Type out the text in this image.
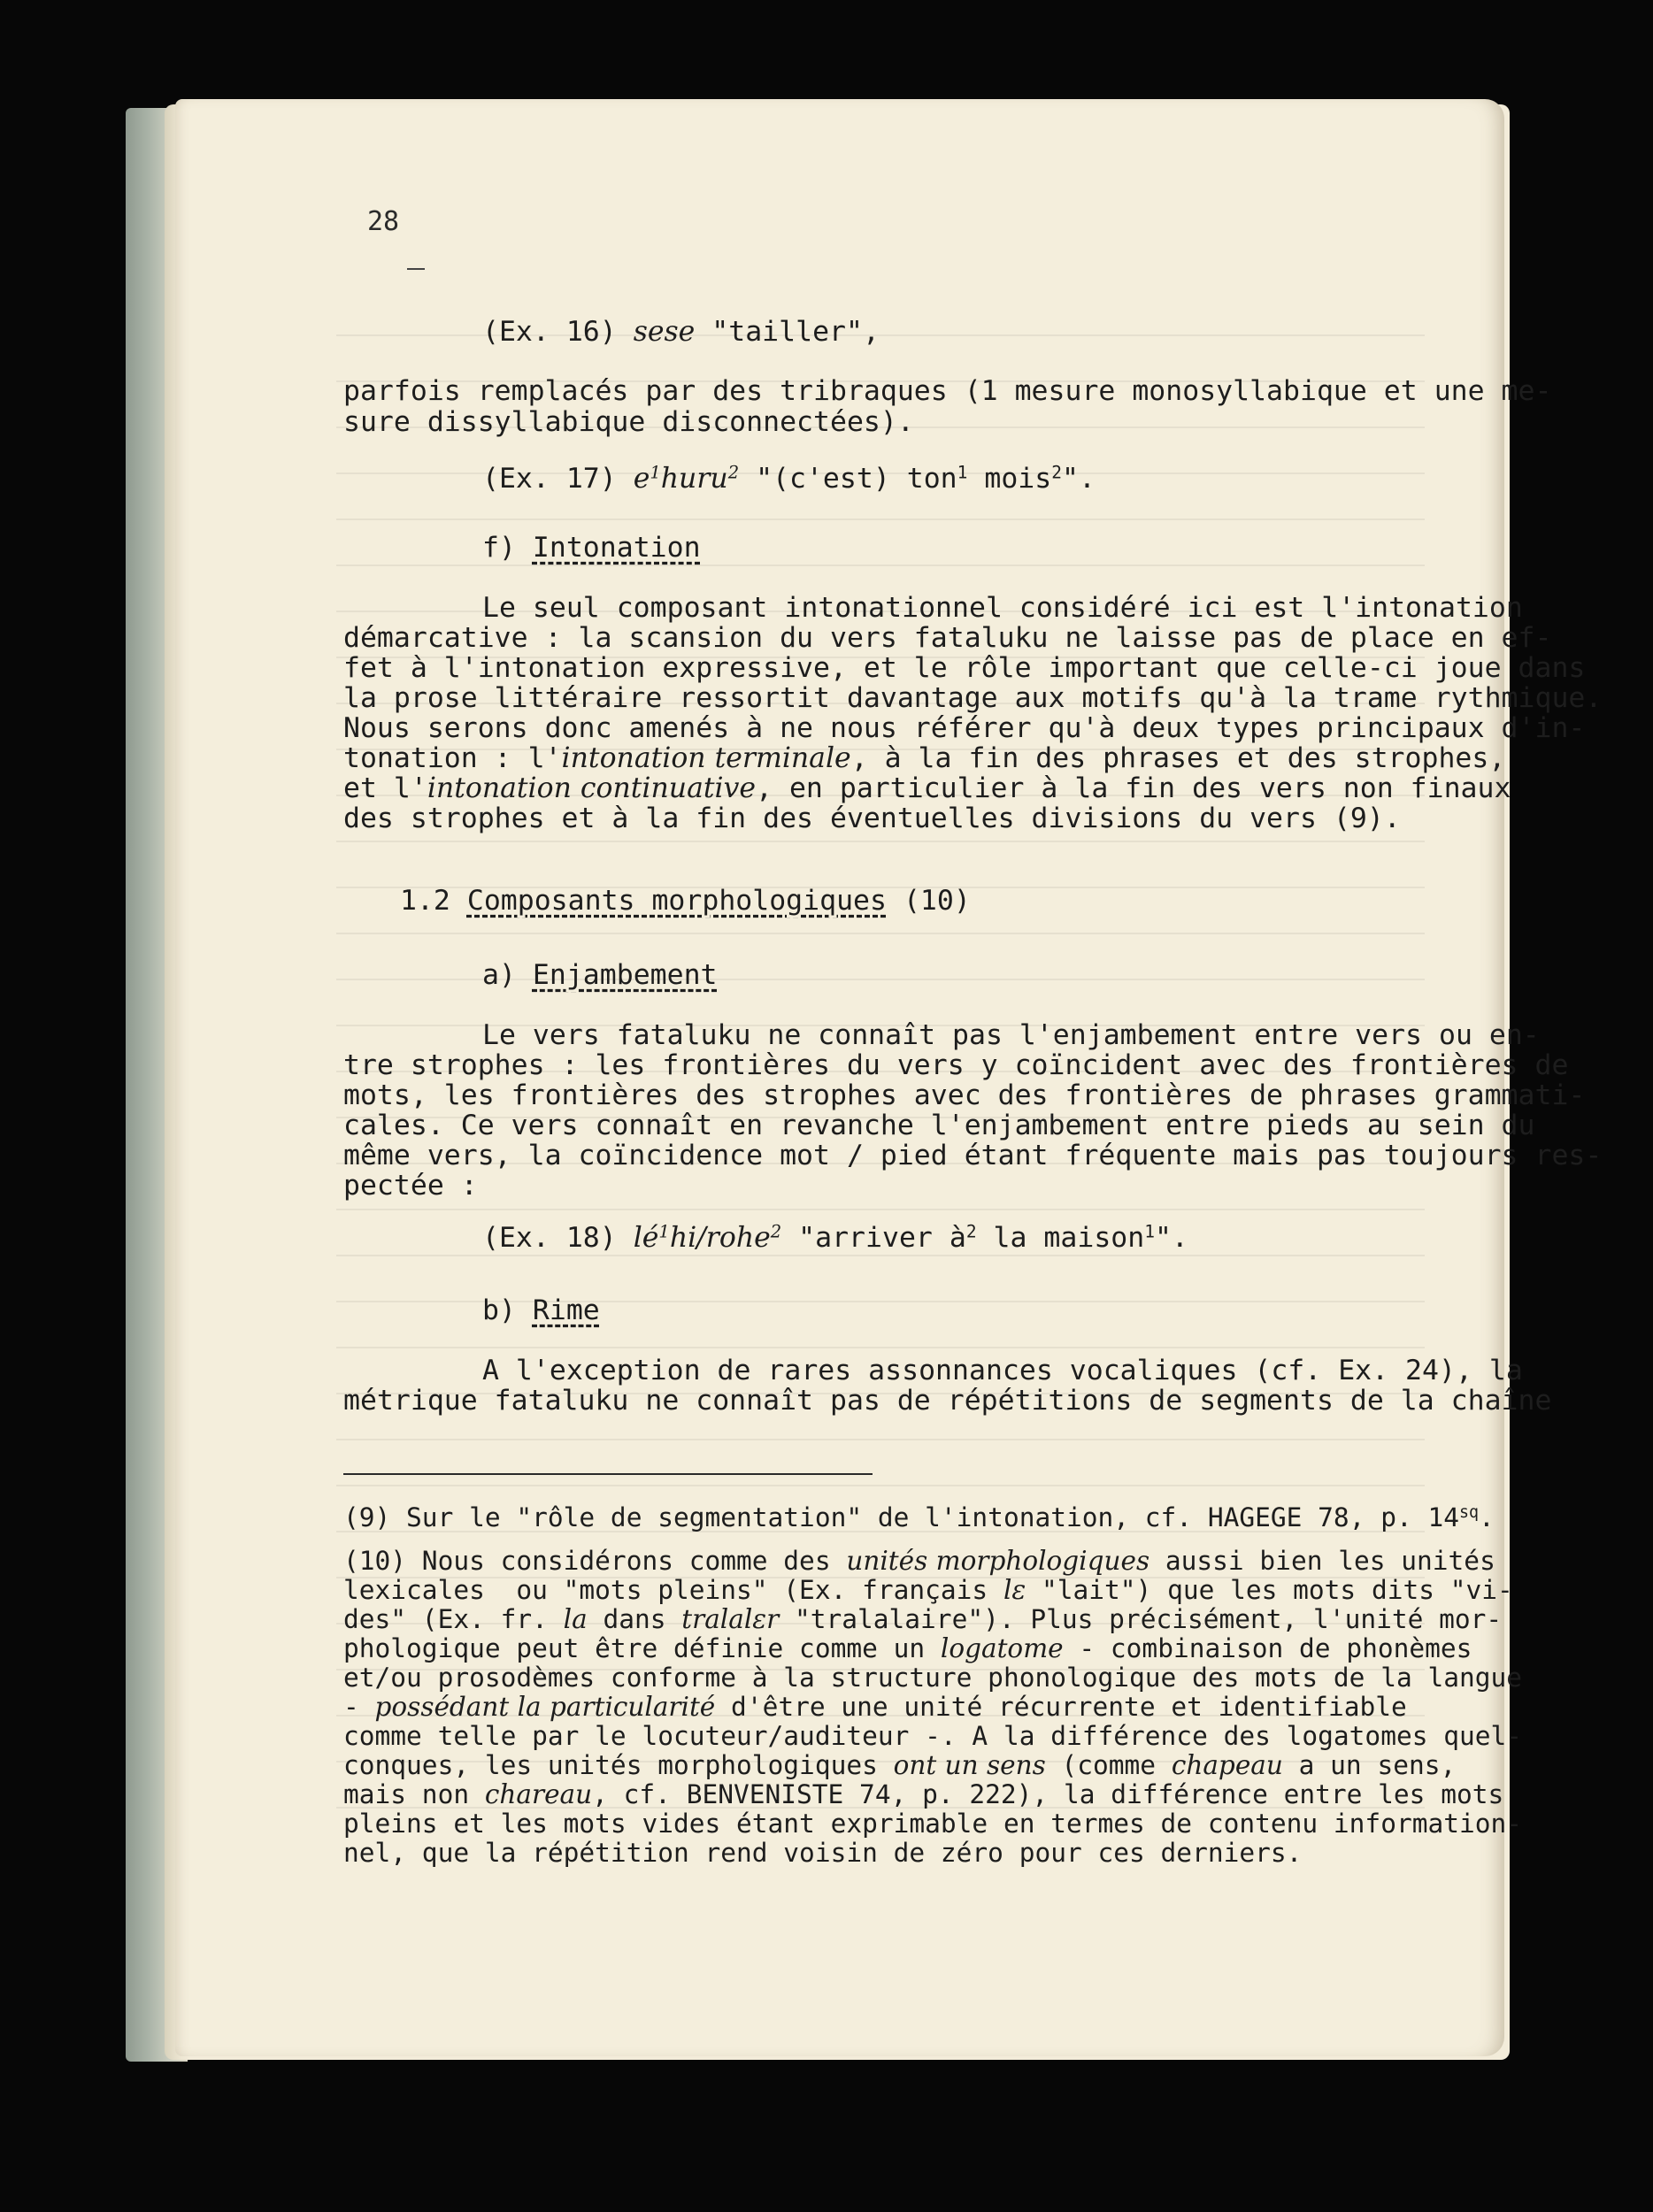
28
(Ex. 16) sese "tailler",
parfois remplacés par des tribraques (1 mesure monosyllabique et une me-
sure dissyllabique disconnectées).
(Ex. 17) $e^1huru^2$ "(c'est) ton$^1$ mois$^2$".
f) Intonation
Le seul composant intonationnel considéré ici est l'intonation
démarcative : la scansion du vers fataluku ne laisse pas de place en ef-
fet à l'intonation expressive, et le rôle important que celle-ci joue dans
la prose littéraire ressortit davantage aux motifs qu'à la trame rythmique.
Nous serons donc amenés à ne nous référer qu'à deux types principaux d'in-
tonation : l'intonation terminale, à la fin des phrases et des strophes,
et l'intonation continuative, en particulier à la fin des vers non finaux
des strophes et à la fin des éventuelles divisions du vers (9).
1.2 Composants morphologiques (10)
a) Enjambement
Le vers fataluku ne connaît pas l'enjambement entre vers ou en-
tre strophes : les frontières du vers y coïncident avec des frontières de
mots, les frontières des strophes avec des frontières de phrases grammati-
cales. Ce vers connaît en revanche l'enjambement entre pieds au sein du
même vers, la coïncidence mot / pied étant fréquente mais pas toujours res-
pectée :
(Ex. 18) $lé^1hi/rohe^2$ "arriver $à^2$ la maison$^1$".
b) Rime
A l'exception de rares assonnances vocaliques (cf. Ex. 24), la
métrique fataluku ne connaît pas de répétitions de segments de la chaîne
(9) Sur le "rôle de segmentation" de l'intonation, cf. HAGEGE 78, p. $14^{sq}$.
(10) Nous considérons comme des unités morphologiques aussi bien les unités
lexicales  ou "mots pleins" (Ex. français lɛ "lait") que les mots dits "vi-
des" (Ex. fr. la dans tralalɛr "tralalaire"). Plus précisément, l'unité mor-
phologique peut être définie comme un logatome - combinaison de phonèmes
et/ou prosodèmes conforme à la structure phonologique des mots de la langue
- possédant la particularité d'être une unité récurrente et identifiable
comme telle par le locuteur/auditeur -. A la différence des logatomes quel-
conques, les unités morphologiques ont un sens (comme chapeau a un sens,
mais non chareau, cf. BENVENISTE 74, p. 222), la différence entre les mots
pleins et les mots vides étant exprimable en termes de contenu information-
nel, que la répétition rend voisin de zéro pour ces derniers.
